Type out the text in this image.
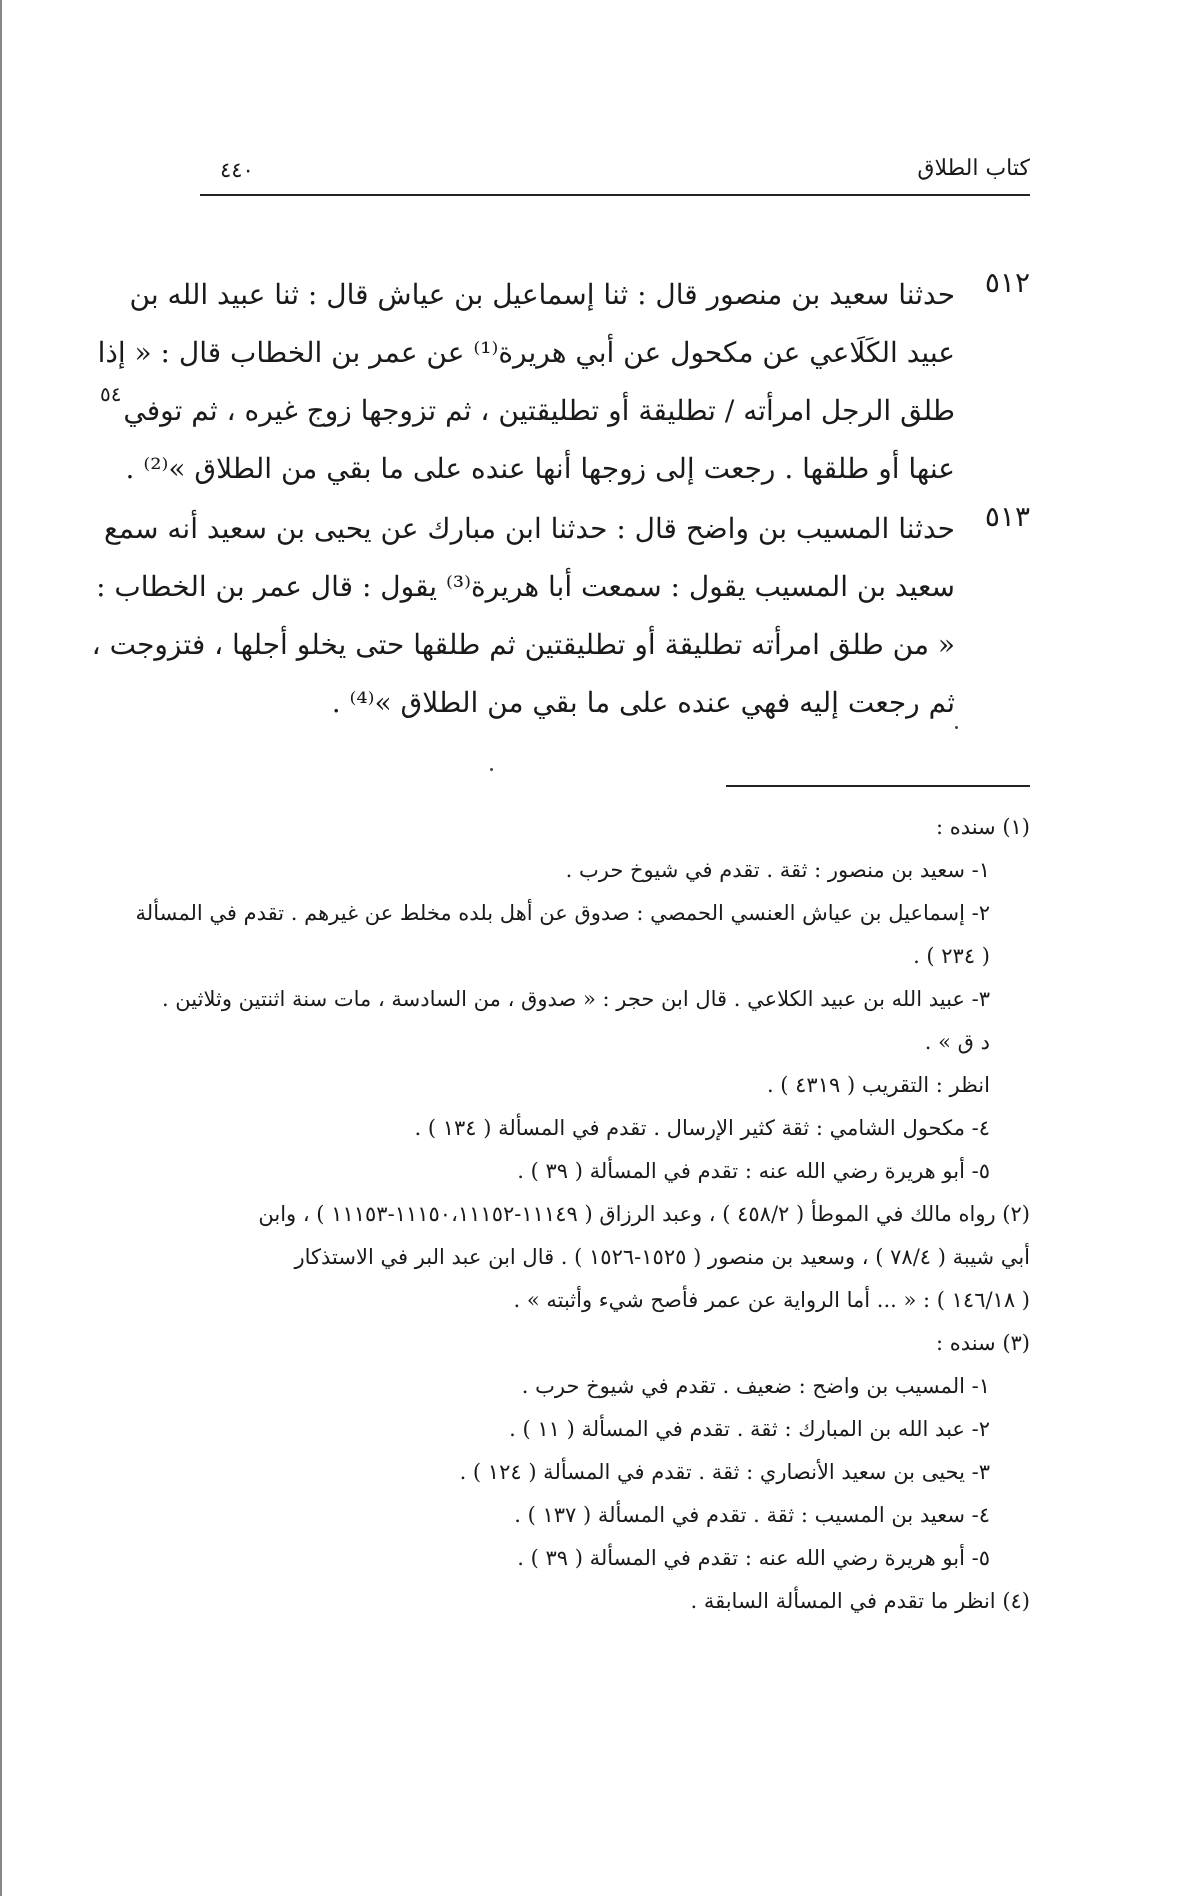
كتاب الطلاق
٤٤٠
٥١٢
حدثنا سعيد بن منصور قال : ثنا إسماعيل بن عياش قال : ثنا عبيد الله بن
عبيد الكَلَاعي عن مكحول عن أبي هريرة⁽¹⁾ عن عمر بن الخطاب قال : « إذا
طلق الرجل امرأته / تطليقة أو تطليقتين ، ثم تزوجها زوج غيره ، ثم توفي
عنها أو طلقها . رجعت إلى زوجها أنها عنده على ما بقي من الطلاق »⁽²⁾ .
٥٤
٥١٣
حدثنا المسيب بن واضح قال : حدثنا ابن مبارك عن يحيى بن سعيد أنه سمع
سعيد بن المسيب يقول : سمعت أبا هريرة⁽³⁾ يقول : قال عمر بن الخطاب :
« من طلق امرأته تطليقة أو تطليقتين ثم طلقها حتى يخلو أجلها ، فتزوجت ،
ثم رجعت إليه فهي عنده على ما بقي من الطلاق »⁽⁴⁾ .
(١) سنده :
١- سعيد بن منصور : ثقة . تقدم في شيوخ حرب .
٢- إسماعيل بن عياش العنسي الحمصي : صدوق عن أهل بلده مخلط عن غيرهم . تقدم في المسألة
( ٢٣٤ ) .
٣- عبيد الله بن عبيد الكلاعي . قال ابن حجر : « صدوق ، من السادسة ، مات سنة اثنتين وثلاثين .
د ق » .
انظر : التقريب ( ٤٣١٩ ) .
٤- مكحول الشامي : ثقة كثير الإرسال . تقدم في المسألة ( ١٣٤ ) .
٥- أبو هريرة رضي الله عنه : تقدم في المسألة ( ٣٩ ) .
(٢) رواه مالك في الموطأ ( ٤٥٨/٢ ) ، وعبد الرزاق ( ١١١٤٩-١١١٥٠،١١١٥٢-١١١٥٣ ) ، وابن
أبي شيبة ( ٧٨/٤ ) ، وسعيد بن منصور ( ١٥٢٥-١٥٢٦ ) . قال ابن عبد البر في الاستذكار
( ١٤٦/١٨ ) : « ... أما الرواية عن عمر فأصح شيء وأثبته » .
(٣) سنده :
١- المسيب بن واضح : ضعيف . تقدم في شيوخ حرب .
٢- عبد الله بن المبارك : ثقة . تقدم في المسألة ( ١١ ) .
٣- يحيى بن سعيد الأنصاري : ثقة . تقدم في المسألة ( ١٢٤ ) .
٤- سعيد بن المسيب : ثقة . تقدم في المسألة ( ١٣٧ ) .
٥- أبو هريرة رضي الله عنه : تقدم في المسألة ( ٣٩ ) .
(٤) انظر ما تقدم في المسألة السابقة .
